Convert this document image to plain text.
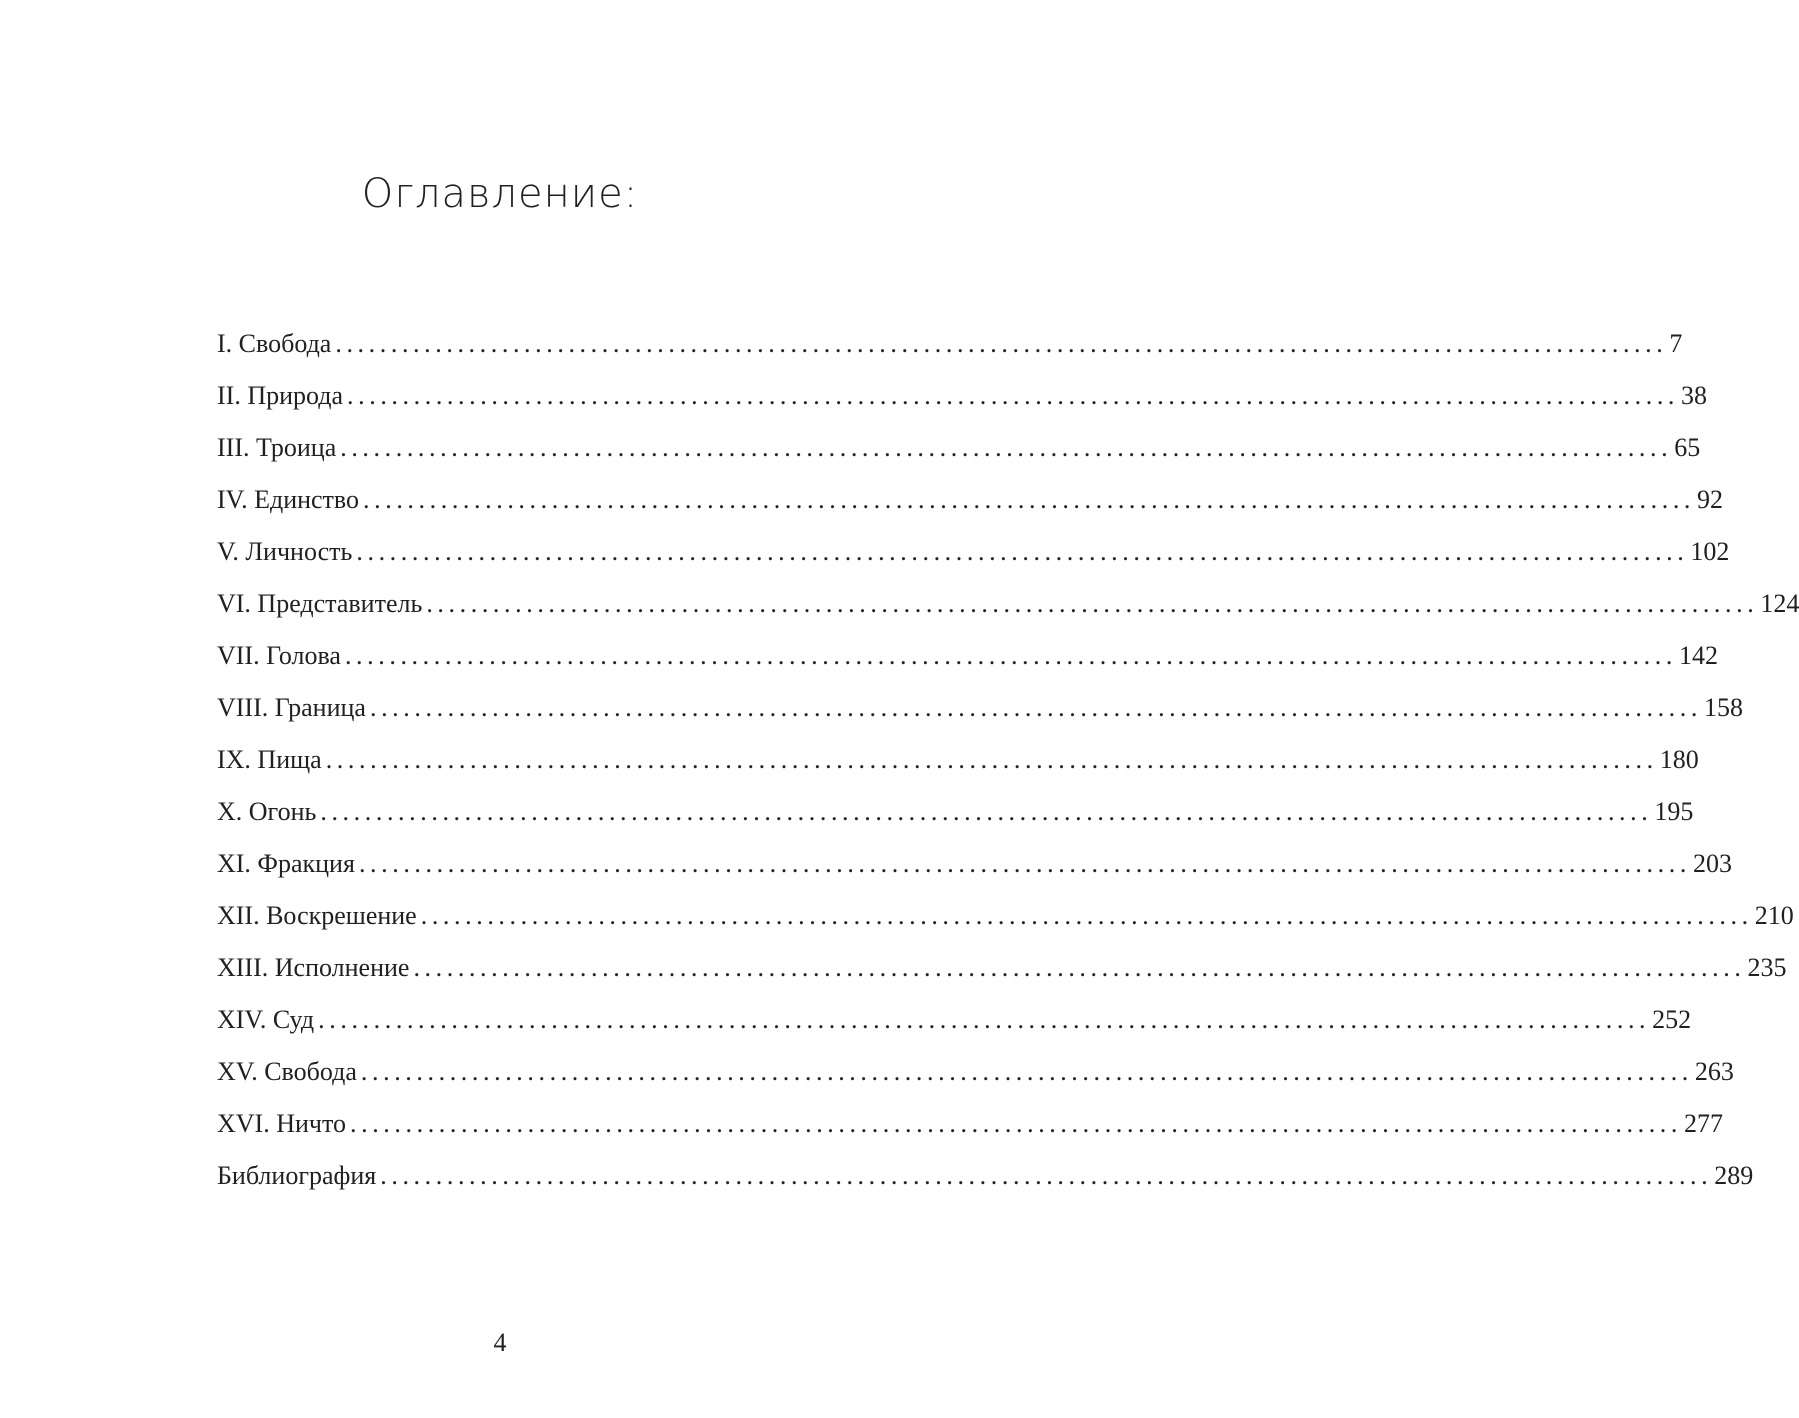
Оглавление:
I. Свобода ........................................................................................................................ 7
II. Природа ........................................................................................................................ 38
III. Троица ........................................................................................................................ 65
IV. Единство ........................................................................................................................ 92
V. Личность ........................................................................................................................ 102
VI. Представитель ........................................................................................................................ 124
VII. Голова ........................................................................................................................ 142
VIII. Граница ........................................................................................................................ 158
IX. Пища ........................................................................................................................ 180
X. Огонь ........................................................................................................................ 195
XI. Фракция ........................................................................................................................ 203
XII. Воскрешение ........................................................................................................................ 210
XIII. Исполнение ........................................................................................................................ 235
XIV. Суд ........................................................................................................................ 252
XV. Свобода ........................................................................................................................ 263
XVI. Ничто ........................................................................................................................ 277
Библиография ........................................................................................................................ 289
4
